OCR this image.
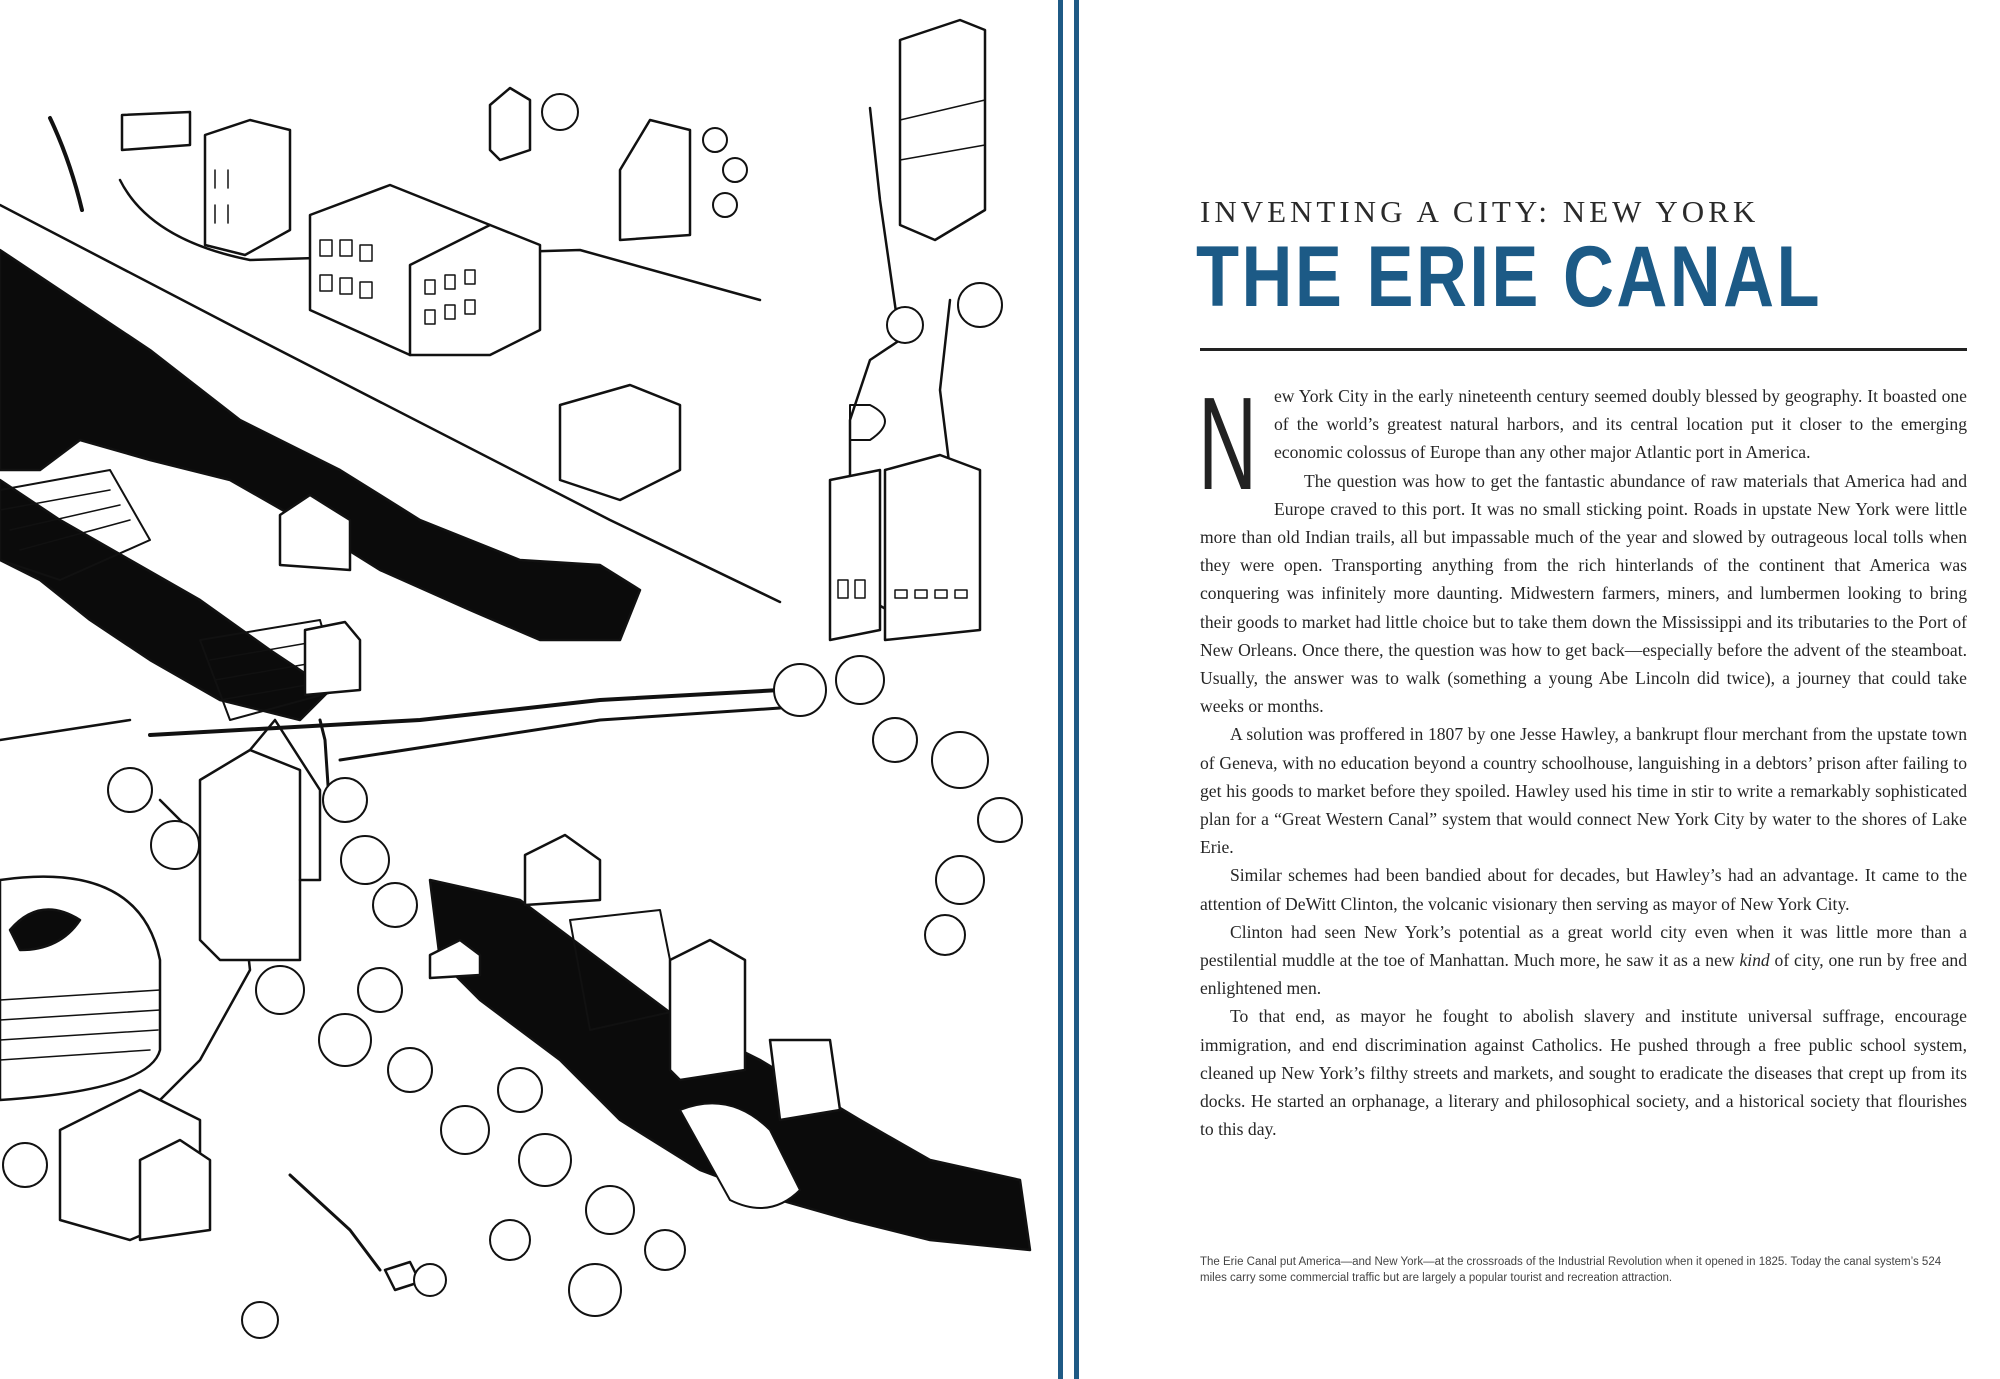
INVENTING A CITY: NEW YORK
THE ERIE CANAL

New York City in the early nineteenth century seemed doubly blessed by geography. It boasted one of the world’s greatest natural harbors, and its central location put it closer to the emerging economic colossus of Europe than any other major Atlantic port in America.

The question was how to get the fantastic abundance of raw materials that America had and Europe craved to this port. It was no small sticking point. Roads in upstate New York were little more than old Indian trails, all but impassable much of the year and slowed by outrageous local tolls when they were open. Transporting anything from the rich hinterlands of the continent that America was conquering was infinitely more daunting. Midwestern farmers, miners, and lumbermen looking to bring their goods to market had little choice but to take them down the Mississippi and its tributaries to the Port of New Orleans. Once there, the question was how to get back—especially before the advent of the steamboat. Usually, the answer was to walk (something a young Abe Lincoln did twice), a journey that could take weeks or months.

A solution was proffered in 1807 by one Jesse Hawley, a bankrupt flour merchant from the upstate town of Geneva, with no education beyond a country schoolhouse, languishing in a debtors’ prison after failing to get his goods to market before they spoiled. Hawley used his time in stir to write a remarkably sophisticated plan for a “Great Western Canal” system that would connect New York City by water to the shores of Lake Erie.

Similar schemes had been bandied about for decades, but Hawley’s had an advantage. It came to the attention of DeWitt Clinton, the volcanic visionary then serving as mayor of New York City.

Clinton had seen New York’s potential as a great world city even when it was little more than a pestilential muddle at the toe of Manhattan. Much more, he saw it as a new kind of city, one run by free and enlightened men.

To that end, as mayor he fought to abolish slavery and institute universal suffrage, encourage immigration, and end discrimination against Catholics. He pushed through a free public school system, cleaned up New York’s filthy streets and markets, and sought to eradicate the diseases that crept up from its docks. He started an orphanage, a literary and philosophical society, and a historical society that flourishes to this day.

The Erie Canal put America—and New York—at the crossroads of the Industrial Revolution when it opened in 1825. Today the canal system’s 524 miles carry some commercial traffic but are largely a popular tourist and recreation attraction.
